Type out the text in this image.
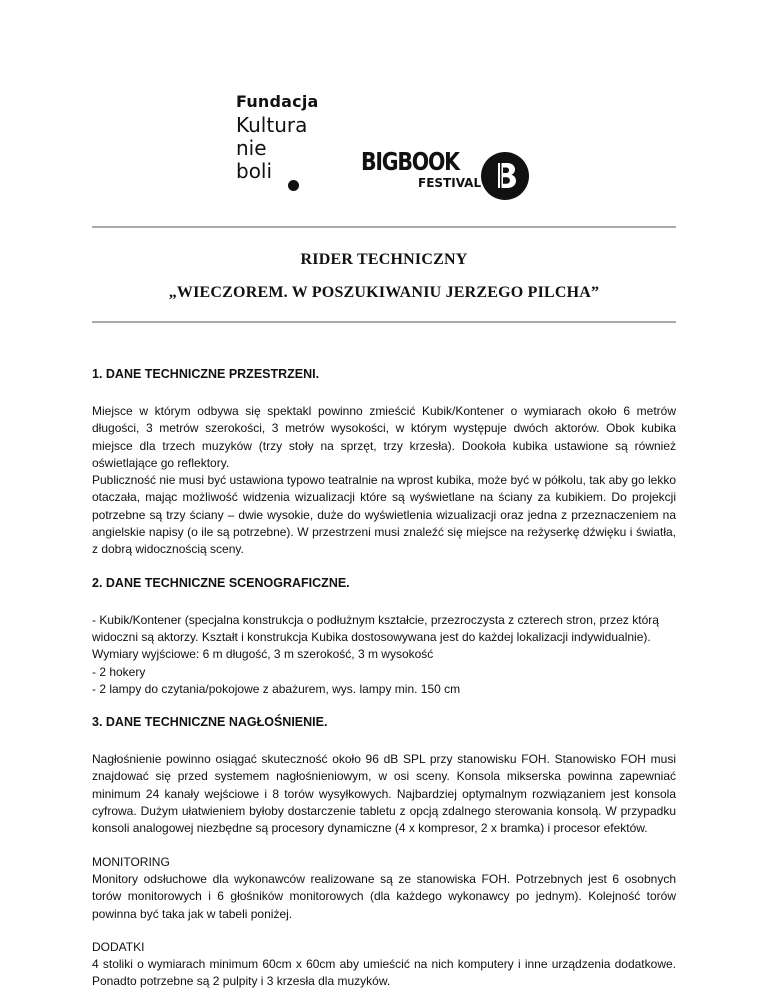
Fundacja
Kultura
nie
boli	BIGBOOK
FESTIVAL
RIDER TECHNICZNY
„WIECZOREM. W POSZUKIWANIU JERZEGO PILCHA”
1. DANE TECHNICZNE PRZESTRZENI.

Miejsce w którym odbywa się spektakl powinno zmieścić Kubik/Kontener o wymiarach około 6 metrów długości, 3 metrów szerokości, 3 metrów wysokości, w którym występuje dwóch aktorów. Obok kubika miejsce dla trzech muzyków (trzy stoły na sprzęt, trzy krzesła). Dookoła kubika ustawione są również oświetlające go reflektory.

Publiczność nie musi być ustawiona typowo teatralnie na wprost kubika, może być w półkolu, tak aby go lekko otaczała, mając możliwość widzenia wizualizacji które są wyświetlane na ściany za kubikiem. Do projekcji potrzebne są trzy ściany – dwie wysokie, duże do wyświetlenia wizualizacji oraz jedna z przeznaczeniem na angielskie napisy (o ile są potrzebne). W przestrzeni musi znaleźć się miejsce na reżyserkę dźwięku i światła, z dobrą widocznością sceny.

2. DANE TECHNICZNE SCENOGRAFICZNE.

- Kubik/Kontener (specjalna konstrukcja o podłużnym kształcie, przezroczysta z czterech stron, przez którą widoczni są aktorzy. Kształt i konstrukcja Kubika dostosowywana jest do każdej lokalizacji indywidualnie).

Wymiary wyjściowe: 6 m długość, 3 m szerokość, 3 m wysokość

- 2 hokery

- 2 lampy do czytania/pokojowe z abażurem, wys. lampy min. 150 cm

3. DANE TECHNICZNE NAGŁOŚNIENIE.

Nagłośnienie powinno osiągać skuteczność około 96 dB SPL przy stanowisku FOH. Stanowisko FOH musi znajdować się przed systemem nagłośnieniowym, w osi sceny. Konsola mikserska powinna zapewniać minimum 24 kanały wejściowe i 8 torów wysyłkowych. Najbardziej optymalnym rozwiązaniem jest konsola cyfrowa. Dużym ułatwieniem byłoby dostarczenie tabletu z opcją zdalnego sterowania konsolą. W przypadku konsoli analogowej niezbędne są procesory dynamiczne (4 x kompresor, 2 x bramka) i procesor efektów.

MONITORING

Monitory odsłuchowe dla wykonawców realizowane są ze stanowiska FOH. Potrzebnych jest 6 osobnych torów monitorowych i 6 głośników monitorowych (dla każdego wykonawcy po jednym). Kolejność torów powinna być taka jak w tabeli poniżej.

DODATKI

4 stoliki o wymiarach minimum 60cm x 60cm aby umieścić na nich komputery i inne urządzenia dodatkowe. Ponadto potrzebne są 2 pulpity i 3 krzesła dla muzyków.
